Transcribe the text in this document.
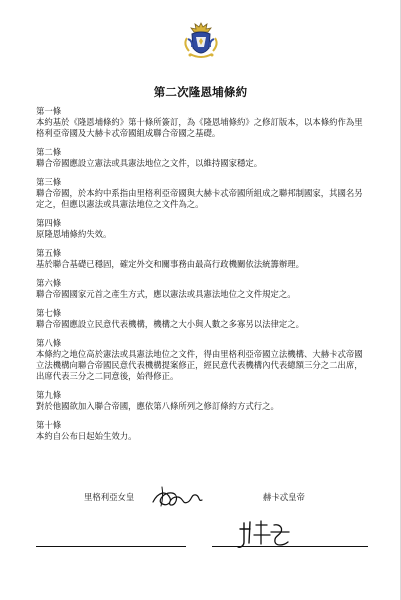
第二次隆恩埔條約
第一條
本約基於《隆恩埔條約》第十條所簽訂，為《隆恩埔條約》之修訂版本，以本條約作為里格利亞帝國及大赫卡忒帝國組成聯合帝國之基礎。
第二條
聯合帝國應設立憲法或具憲法地位之文件，以維持國家穩定。
第三條
聯合帝國，於本約中系指由里格利亞帝國與大赫卡忒帝國所組成之聯邦制國家，其國名另定之，但應以憲法或具憲法地位之文件為之。
第四條
原隆恩埔條約失效。
第五條
基於聯合基礎已穩固，確定外交和關事務由最高行政機關依法統籌辦理。
第六條
聯合帝國國家元首之產生方式，應以憲法或具憲法地位之文件規定之。
第七條
聯合帝國應設立民意代表機構，機構之大小與人數之多寡另以法律定之。
第八條
本條約之地位高於憲法或具憲法地位之文件，得由里格利亞帝國立法機構、大赫卡忒帝國立法機構向聯合帝國民意代表機構提案修正，經民意代表機構內代表總額三分之二出席，出席代表三分之二同意後，始得修正。
第九條
對於他國欲加入聯合帝國，應依第八條所列之修訂條約方式行之。
第十條
本約自公布日起始生效力。
里格利亞女皇	赫卡忒皇帝
